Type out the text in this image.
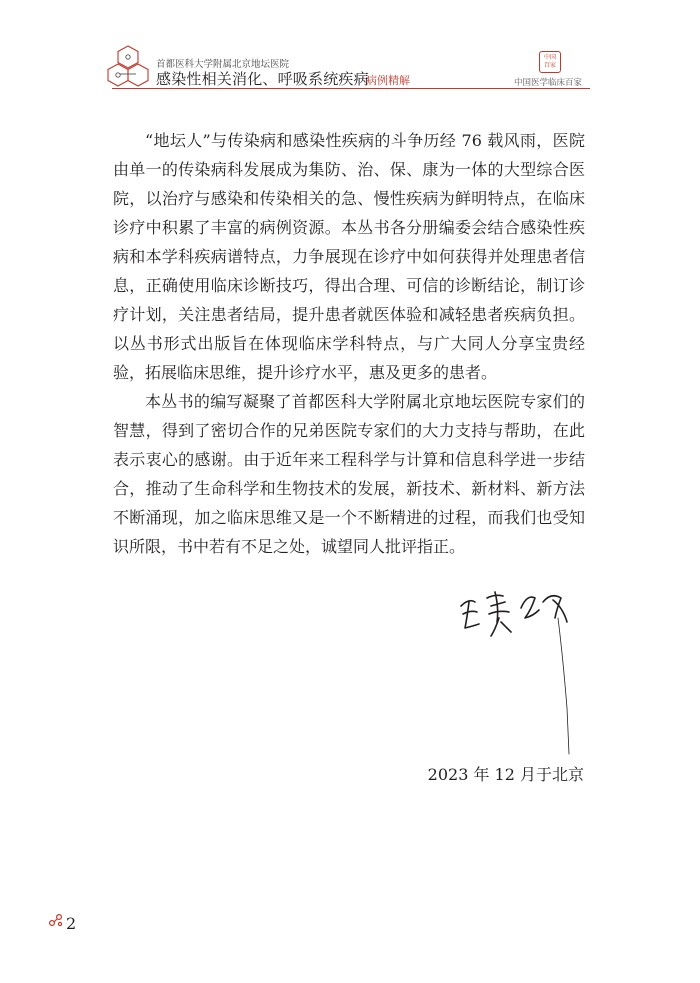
首都医科大学附属北京地坛医院
感染性相关消化、呼吸系统疾病
病例精解
中国
百家
中国医学临床百家

“地坛人”与传染病和感染性疾病的斗争历经 76 载风雨，医院由单一的传染病科发展成为集防、治、保、康为一体的大型综合医院，以治疗与感染和传染相关的急、慢性疾病为鲜明特点，在临床诊疗中积累了丰富的病例资源。本丛书各分册编委会结合感染性疾病和本学科疾病谱特点，力争展现在诊疗中如何获得并处理患者信息，正确使用临床诊断技巧，得出合理、可信的诊断结论，制订诊疗计划，关注患者结局，提升患者就医体验和减轻患者疾病负担。以丛书形式出版旨在体现临床学科特点，与广大同人分享宝贵经验，拓展临床思维，提升诊疗水平，惠及更多的患者。

本丛书的编写凝聚了首都医科大学附属北京地坛医院专家们的智慧，得到了密切合作的兄弟医院专家们的大力支持与帮助，在此表示衷心的感谢。由于近年来工程科学与计算和信息科学进一步结合，推动了生命科学和生物技术的发展，新技术、新材料、新方法不断涌现，加之临床思维又是一个不断精进的过程，而我们也受知识所限，书中若有不足之处，诚望同人批评指正。

2023 年 12 月于北京
2
